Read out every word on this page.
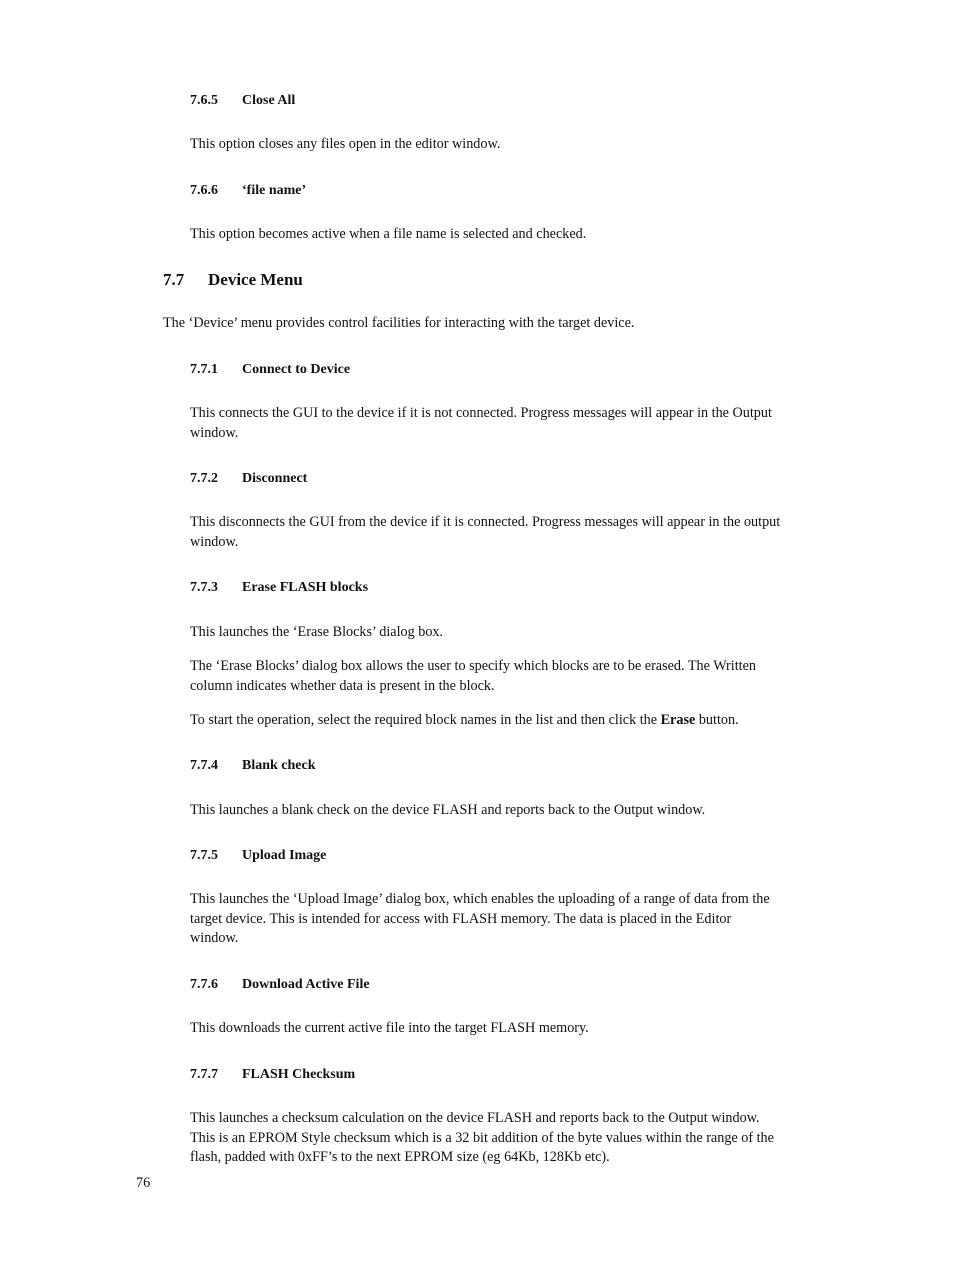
7.6.5 Close All
This option closes any files open in the editor window.
7.6.6 ‘file name’
This option becomes active when a file name is selected and checked.
7.7 Device Menu
The ‘Device’ menu provides control facilities for interacting with the target device.
7.7.1 Connect to Device
This connects the GUI to the device if it is not connected. Progress messages will appear in the Output
window.
7.7.2 Disconnect
This disconnects the GUI from the device if it is connected. Progress messages will appear in the output
window.
7.7.3 Erase FLASH blocks
This launches the ‘Erase Blocks’ dialog box.
The ‘Erase Blocks’ dialog box allows the user to specify which blocks are to be erased. The Written
column indicates whether data is present in the block.
To start the operation, select the required block names in the list and then click the Erase button.
7.7.4 Blank check
This launches a blank check on the device FLASH and reports back to the Output window.
7.7.5 Upload Image
This launches the ‘Upload Image’ dialog box, which enables the uploading of a range of data from the
target device. This is intended for access with FLASH memory. The data is placed in the Editor
window.
7.7.6 Download Active File
This downloads the current active file into the target FLASH memory.
7.7.7 FLASH Checksum
This launches a checksum calculation on the device FLASH and reports back to the Output window.
This is an EPROM Style checksum which is a 32 bit addition of the byte values within the range of the
flash, padded with 0xFF’s to the next EPROM size (eg 64Kb, 128Kb etc).
76
